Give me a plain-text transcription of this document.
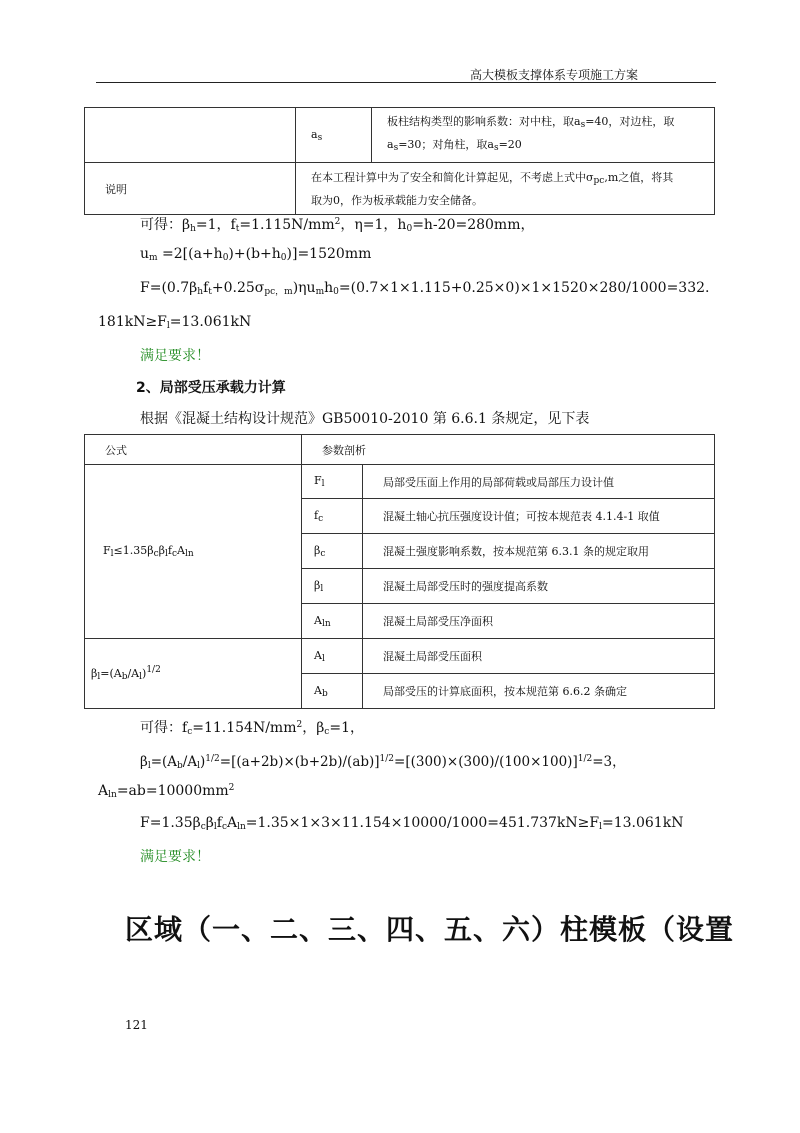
高大模板支撑体系专项施工方案
	$a_s$	板柱结构类型的影响系数：对中柱，取$a_s=40$，对边柱，取
$a_s=30$；对角柱，取$a_s=20$
说明	在本工程计算中为了安全和简化计算起见，不考虑上式中$\sigma_{pc},m$之值，将其
取为0，作为板承载能力安全储备。	
可得：$\beta_h=1$，$f_t=1.115N/mm^2$，η=1，$h_0=h-20=280mm$，
$u_m =2[(a+h_0)+(b+h_0)]=1520mm$
$F=(0.7\beta_hf_t+0.25\sigma_{pc,m})\eta u_mh_0=(0.7\times 1\times 1.115+0.25\times 0)\times 1\times 1520\times 280/1000=332$.
$181kN\ge F_l=13.061kN$
满足要求！
2、局部受压承载力计算
根据《混凝土结构设计规范》GB50010-2010 第 6.6.1 条规定，见下表
公式	参数剖析	
$F_l\le 1.35\beta_c\beta_lf_cA_{ln}$	$F_l$	局部受压面上作用的局部荷载或局部压力设计值
	$f_c$	混凝土轴心抗压强度设计值；可按本规范表 4.1.4-1 取值
	$\beta_c$	混凝土强度影响系数，按本规范第 6.3.1 条的规定取用
	$\beta_l$	混凝土局部受压时的强度提高系数
	$A_{ln}$	混凝土局部受压净面积
$\beta_l=(A_b/A_l)^{1/2}$	$A_l$	混凝土局部受压面积
	$A_b$	局部受压的计算底面积，按本规范第 6.6.2 条确定
可得：$f_c=11.154N/mm^2$，$\beta_c=1$，
$\beta_l=(A_b/A_l)^{1/2}=[(a+2b)\times(b+2b)/(ab)]^{1/2}=[(300)\times(300)/(100\times 100)]^{1/2}=3$，
$A_{ln}=ab=10000mm^2$
$F=1.35\beta_c\beta_lf_cA_{ln}=1.35\times 1\times 3\times 11.154\times 10000/1000=451.737kN\ge F_l=13.061kN$
满足要求！
区域（一、二、三、四、五、六）柱模板（设置
121
